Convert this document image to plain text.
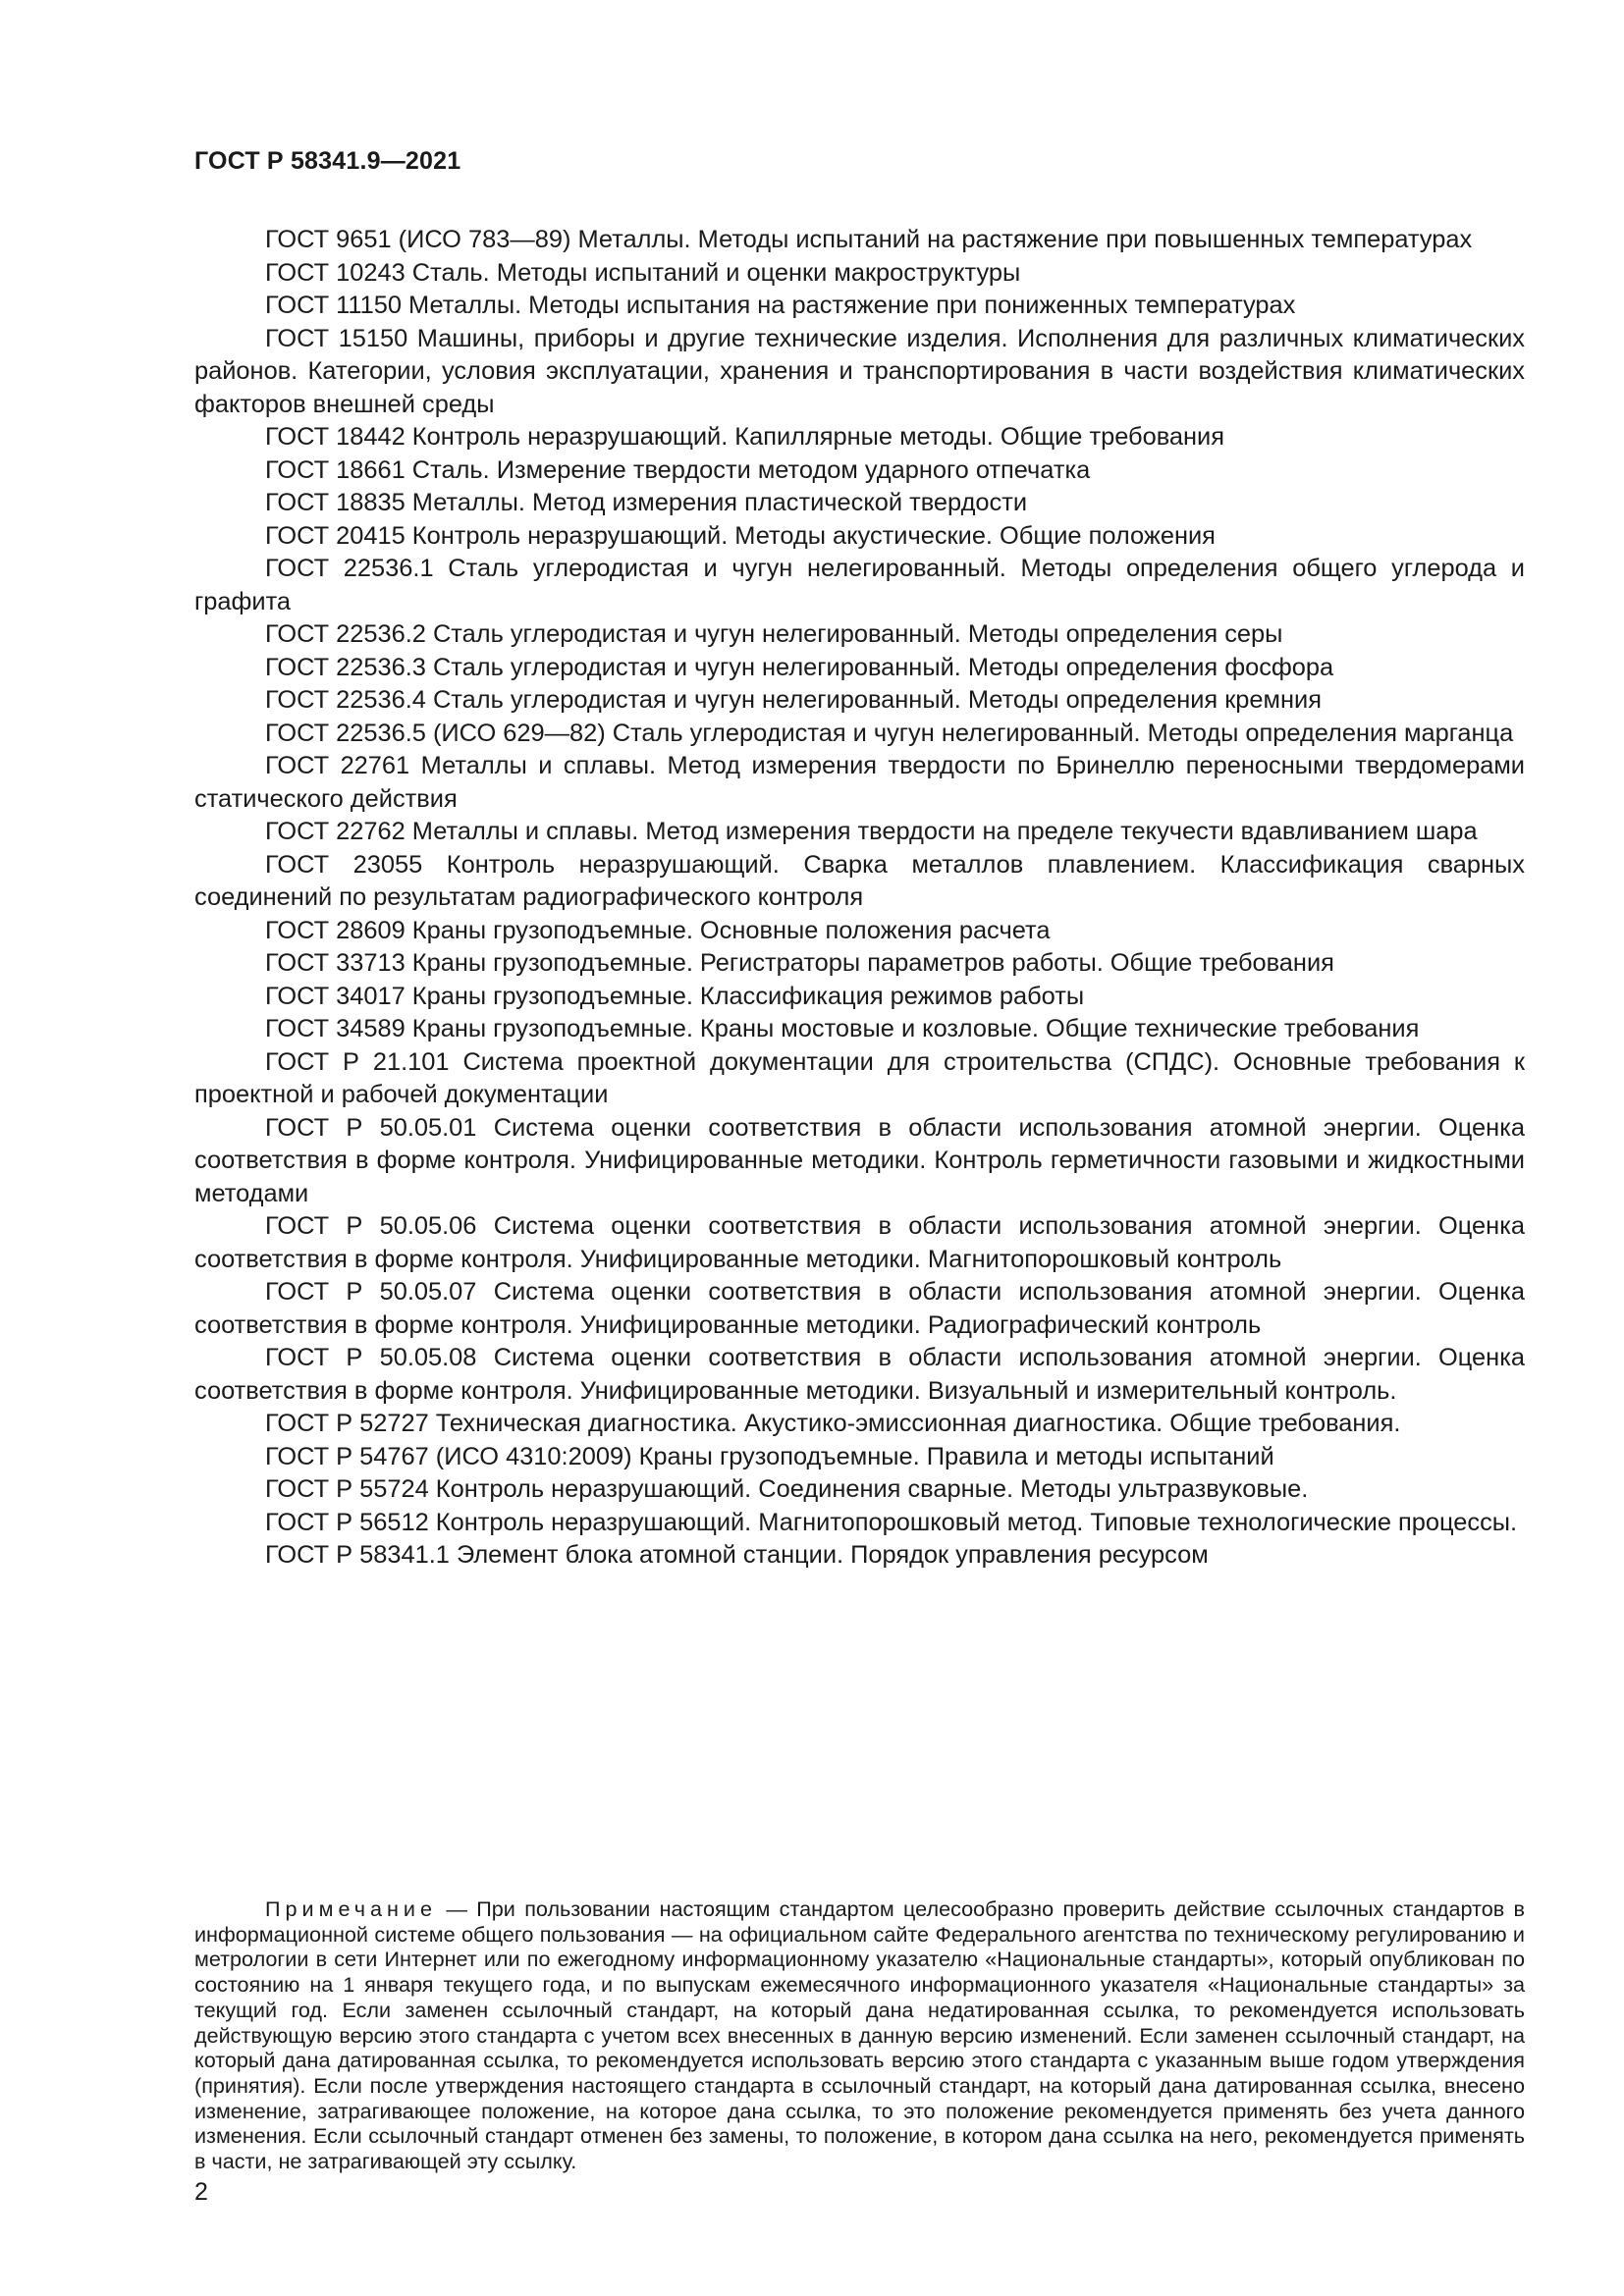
ГОСТ Р 58341.9—2021

ГОСТ 9651 (ИСО 783—89) Металлы. Методы испытаний на растяжение при повышенных температурах

ГОСТ 10243 Сталь. Методы испытаний и оценки макроструктуры

ГОСТ 11150 Металлы. Методы испытания на растяжение при пониженных температурах

ГОСТ 15150 Машины, приборы и другие технические изделия. Исполнения для различных климатических районов. Категории, условия эксплуатации, хранения и транспортирования в части воздействия климатических факторов внешней среды

ГОСТ 18442 Контроль неразрушающий. Капиллярные методы. Общие требования

ГОСТ 18661 Сталь. Измерение твердости методом ударного отпечатка

ГОСТ 18835 Металлы. Метод измерения пластической твердости

ГОСТ 20415 Контроль неразрушающий. Методы акустические. Общие положения

ГОСТ 22536.1 Сталь углеродистая и чугун нелегированный. Методы определения общего углерода и графита

ГОСТ 22536.2 Сталь углеродистая и чугун нелегированный. Методы определения серы

ГОСТ 22536.3 Сталь углеродистая и чугун нелегированный. Методы определения фосфора

ГОСТ 22536.4 Сталь углеродистая и чугун нелегированный. Методы определения кремния

ГОСТ 22536.5 (ИСО 629—82) Сталь углеродистая и чугун нелегированный. Методы определения марганца

ГОСТ 22761 Металлы и сплавы. Метод измерения твердости по Бринеллю переносными твердомерами статического действия

ГОСТ 22762 Металлы и сплавы. Метод измерения твердости на пределе текучести вдавливанием шара

ГОСТ 23055 Контроль неразрушающий. Сварка металлов плавлением. Классификация сварных соединений по результатам радиографического контроля

ГОСТ 28609 Краны грузоподъемные. Основные положения расчета

ГОСТ 33713 Краны грузоподъемные. Регистраторы параметров работы. Общие требования

ГОСТ 34017 Краны грузоподъемные. Классификация режимов работы

ГОСТ 34589 Краны грузоподъемные. Краны мостовые и козловые. Общие технические требования

ГОСТ Р 21.101 Система проектной документации для строительства (СПДС). Основные требования к проектной и рабочей документации

ГОСТ Р 50.05.01 Система оценки соответствия в области использования атомной энергии. Оценка соответствия в форме контроля. Унифицированные методики. Контроль герметичности газовыми и жидкостными методами

ГОСТ Р 50.05.06 Система оценки соответствия в области использования атомной энергии. Оценка соответствия в форме контроля. Унифицированные методики. Магнитопорошковый контроль

ГОСТ Р 50.05.07 Система оценки соответствия в области использования атомной энергии. Оценка соответствия в форме контроля. Унифицированные методики. Радиографический контроль

ГОСТ Р 50.05.08 Система оценки соответствия в области использования атомной энергии. Оценка соответствия в форме контроля. Унифицированные методики. Визуальный и измерительный контроль.

ГОСТ Р 52727 Техническая диагностика. Акустико-эмиссионная диагностика. Общие требования.

ГОСТ Р 54767 (ИСО 4310:2009) Краны грузоподъемные. Правила и методы испытаний

ГОСТ Р 55724 Контроль неразрушающий. Соединения сварные. Методы ультразвуковые.

ГОСТ Р 56512 Контроль неразрушающий. Магнитопорошковый метод. Типовые технологические процессы.

ГОСТ Р 58341.1 Элемент блока атомной станции. Порядок управления ресурсом

Примечание — При пользовании настоящим стандартом целесообразно проверить действие ссылочных стандартов в информационной системе общего пользования — на официальном сайте Федерального агентства по техническому регулированию и метрологии в сети Интернет или по ежегодному информационному указателю «Национальные стандарты», который опубликован по состоянию на 1 января текущего года, и по выпускам ежемесячного информационного указателя «Национальные стандарты» за текущий год. Если заменен ссылочный стандарт, на который дана недатированная ссылка, то рекомендуется использовать действующую версию этого стандарта с учетом всех внесенных в данную версию изменений. Если заменен ссылочный стандарт, на который дана датированная ссылка, то рекомендуется использовать версию этого стандарта с указанным выше годом утверждения (принятия). Если после утверждения настоящего стандарта в ссылочный стандарт, на который дана датированная ссылка, внесено изменение, затрагивающее положение, на которое дана ссылка, то это положение рекомендуется применять без учета данного изменения. Если ссылочный стандарт отменен без замены, то положение, в котором дана ссылка на него, рекомендуется применять в части, не затрагивающей эту ссылку.

2
